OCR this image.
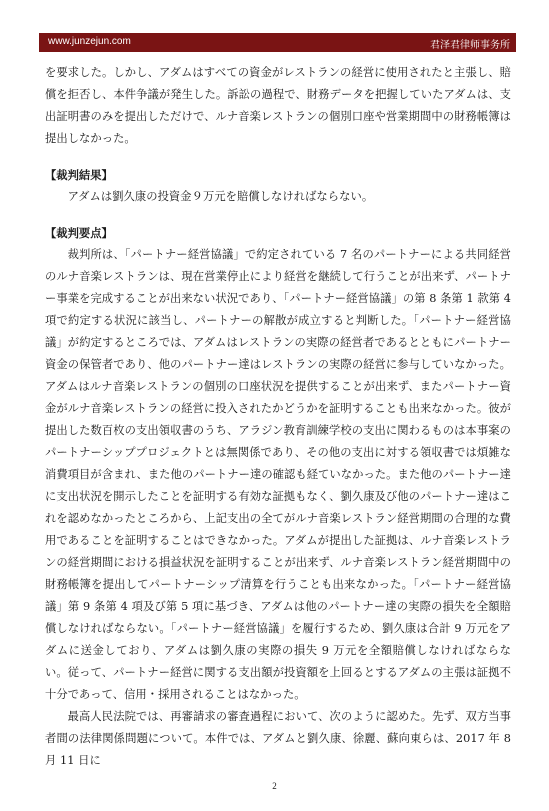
www.junzejun.com	君泽君律师事务所

を要求した。しかし、アダムはすべての資金がレストランの経営に使用されたと主張し、賠償を拒否し、本件争議が発生した。訴訟の過程で、財務データを把握していたアダムは、支出証明書のみを提出しただけで、ルナ音楽レストランの個別口座や営業期間中の財務帳簿は提出しなかった。

【裁判結果】

アダムは劉久康の投資金９万元を賠償しなければならない。

【裁判要点】

裁判所は、「パートナー経営協議」で約定されている 7 名のパートナーによる共同経営のルナ音楽レストランは、現在営業停止により経営を継続して行うことが出来ず、パートナー事業を完成することが出来ない状況であり、「パートナー経営協議」の第 8 条第 1 款第 4 項で約定する状況に該当し、パートナーの解散が成立すると判断した。「パートナー経営協議」が約定するところでは、アダムはレストランの実際の経営者であるとともにパートナー資金の保管者であり、他のパートナー達はレストランの実際の経営に参与していなかった。アダムはルナ音楽レストランの個別の口座状況を提供することが出来ず、またパートナー資金がルナ音楽レストランの経営に投入されたかどうかを証明することも出来なかった。彼が提出した数百枚の支出領収書のうち、アラジン教育訓練学校の支出に関わるものは本事案のパートナーシッププロジェクトとは無関係であり、その他の支出に対する領収書では煩雑な消費項目が含まれ、また他のパートナー達の確認も経ていなかった。また他のパートナー達に支出状況を開示したことを証明する有効な証拠もなく、劉久康及び他のパートナー達はこれを認めなかったところから、上記支出の全てがルナ音楽レストラン経営期間の合理的な費用であることを証明することはできなかった。アダムが提出した証拠は、ルナ音楽レストランの経営期間における損益状況を証明することが出来ず、ルナ音楽レストラン経営期間中の財務帳簿を提出してパートナーシップ清算を行うことも出来なかった。「パートナー経営協議」第 9 条第 4 項及び第 5 項に基づき、アダムは他のパートナー達の実際の損失を全額賠償しなければならない。「パートナー経営協議」を履行するため、劉久康は合計 9 万元をアダムに送金しており、アダムは劉久康の実際の損失 9 万元を全額賠償しなければならない。従って、パートナー経営に関する支出額が投資額を上回るとするアダムの主張は証拠不十分であって、信用・採用されることはなかった。

最高人民法院では、再審請求の審査過程において、次のように認めた。先ず、双方当事者間の法律関係問題について。本件では、アダムと劉久康、徐麗、蘇向東らは、2017 年 8 月 11 日に

2
